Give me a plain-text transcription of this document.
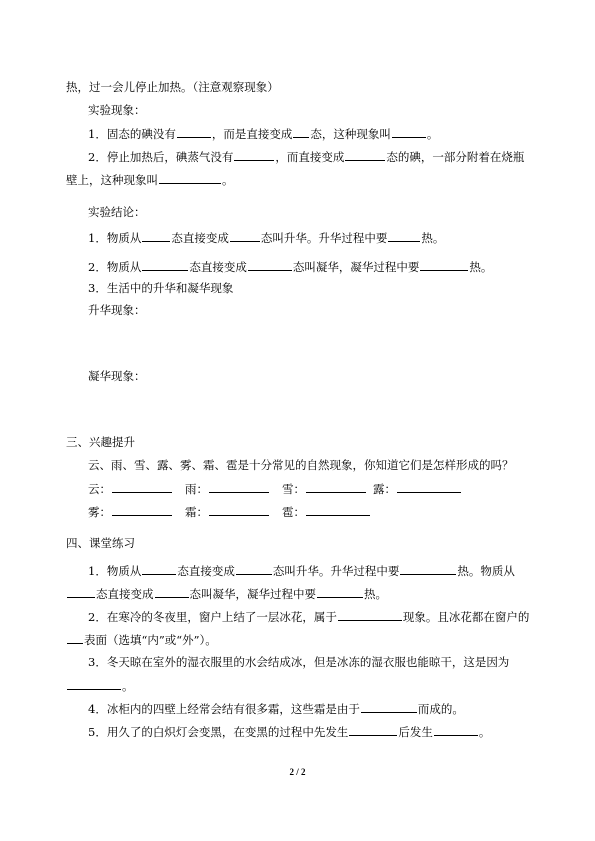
热，过一会儿停止加热。（注意观察现象）
实验现象：
1．固态的碘没有	，而是直接变成 态，这种现象叫	。
2．停止加热后，碘蒸气没有	，而直接变成	态的碘，一部分附着在烧瓶
壁上，这种现象叫	。
实验结论：
1．物质从	态直接变成	态叫升华。升华过程中要	热。
2．物质从	态直接变成	态叫凝华，凝华过程中要	热。
3．生活中的升华和凝华现象
升华现象：
凝华现象：
三、兴趣提升
云、雨、雪、露、雾、霜、雹是十分常见的自然现象，你知道它们是怎样形成的吗？
云：	雨：	雪：	露：
雾：	霜：	雹：
四、课堂练习
1．物质从	态直接变成	态叫升华。升华过程中要	热。物质从
态直接变成	态叫凝华，凝华过程中要	热。
2．在寒冷的冬夜里，窗户上结了一层冰花，属于	现象。且冰花都在窗户的
表面（选填“内”或“外”）。
3．冬天晾在室外的湿衣服里的水会结成冰，但是冰冻的湿衣服也能晾干，这是因为
。
4．冰柜内的四壁上经常会结有很多霜，这些霜是由于	而成的。
5．用久了的白炽灯会变黑，在变黑的过程中先发生	后发生	。
2 / 2
